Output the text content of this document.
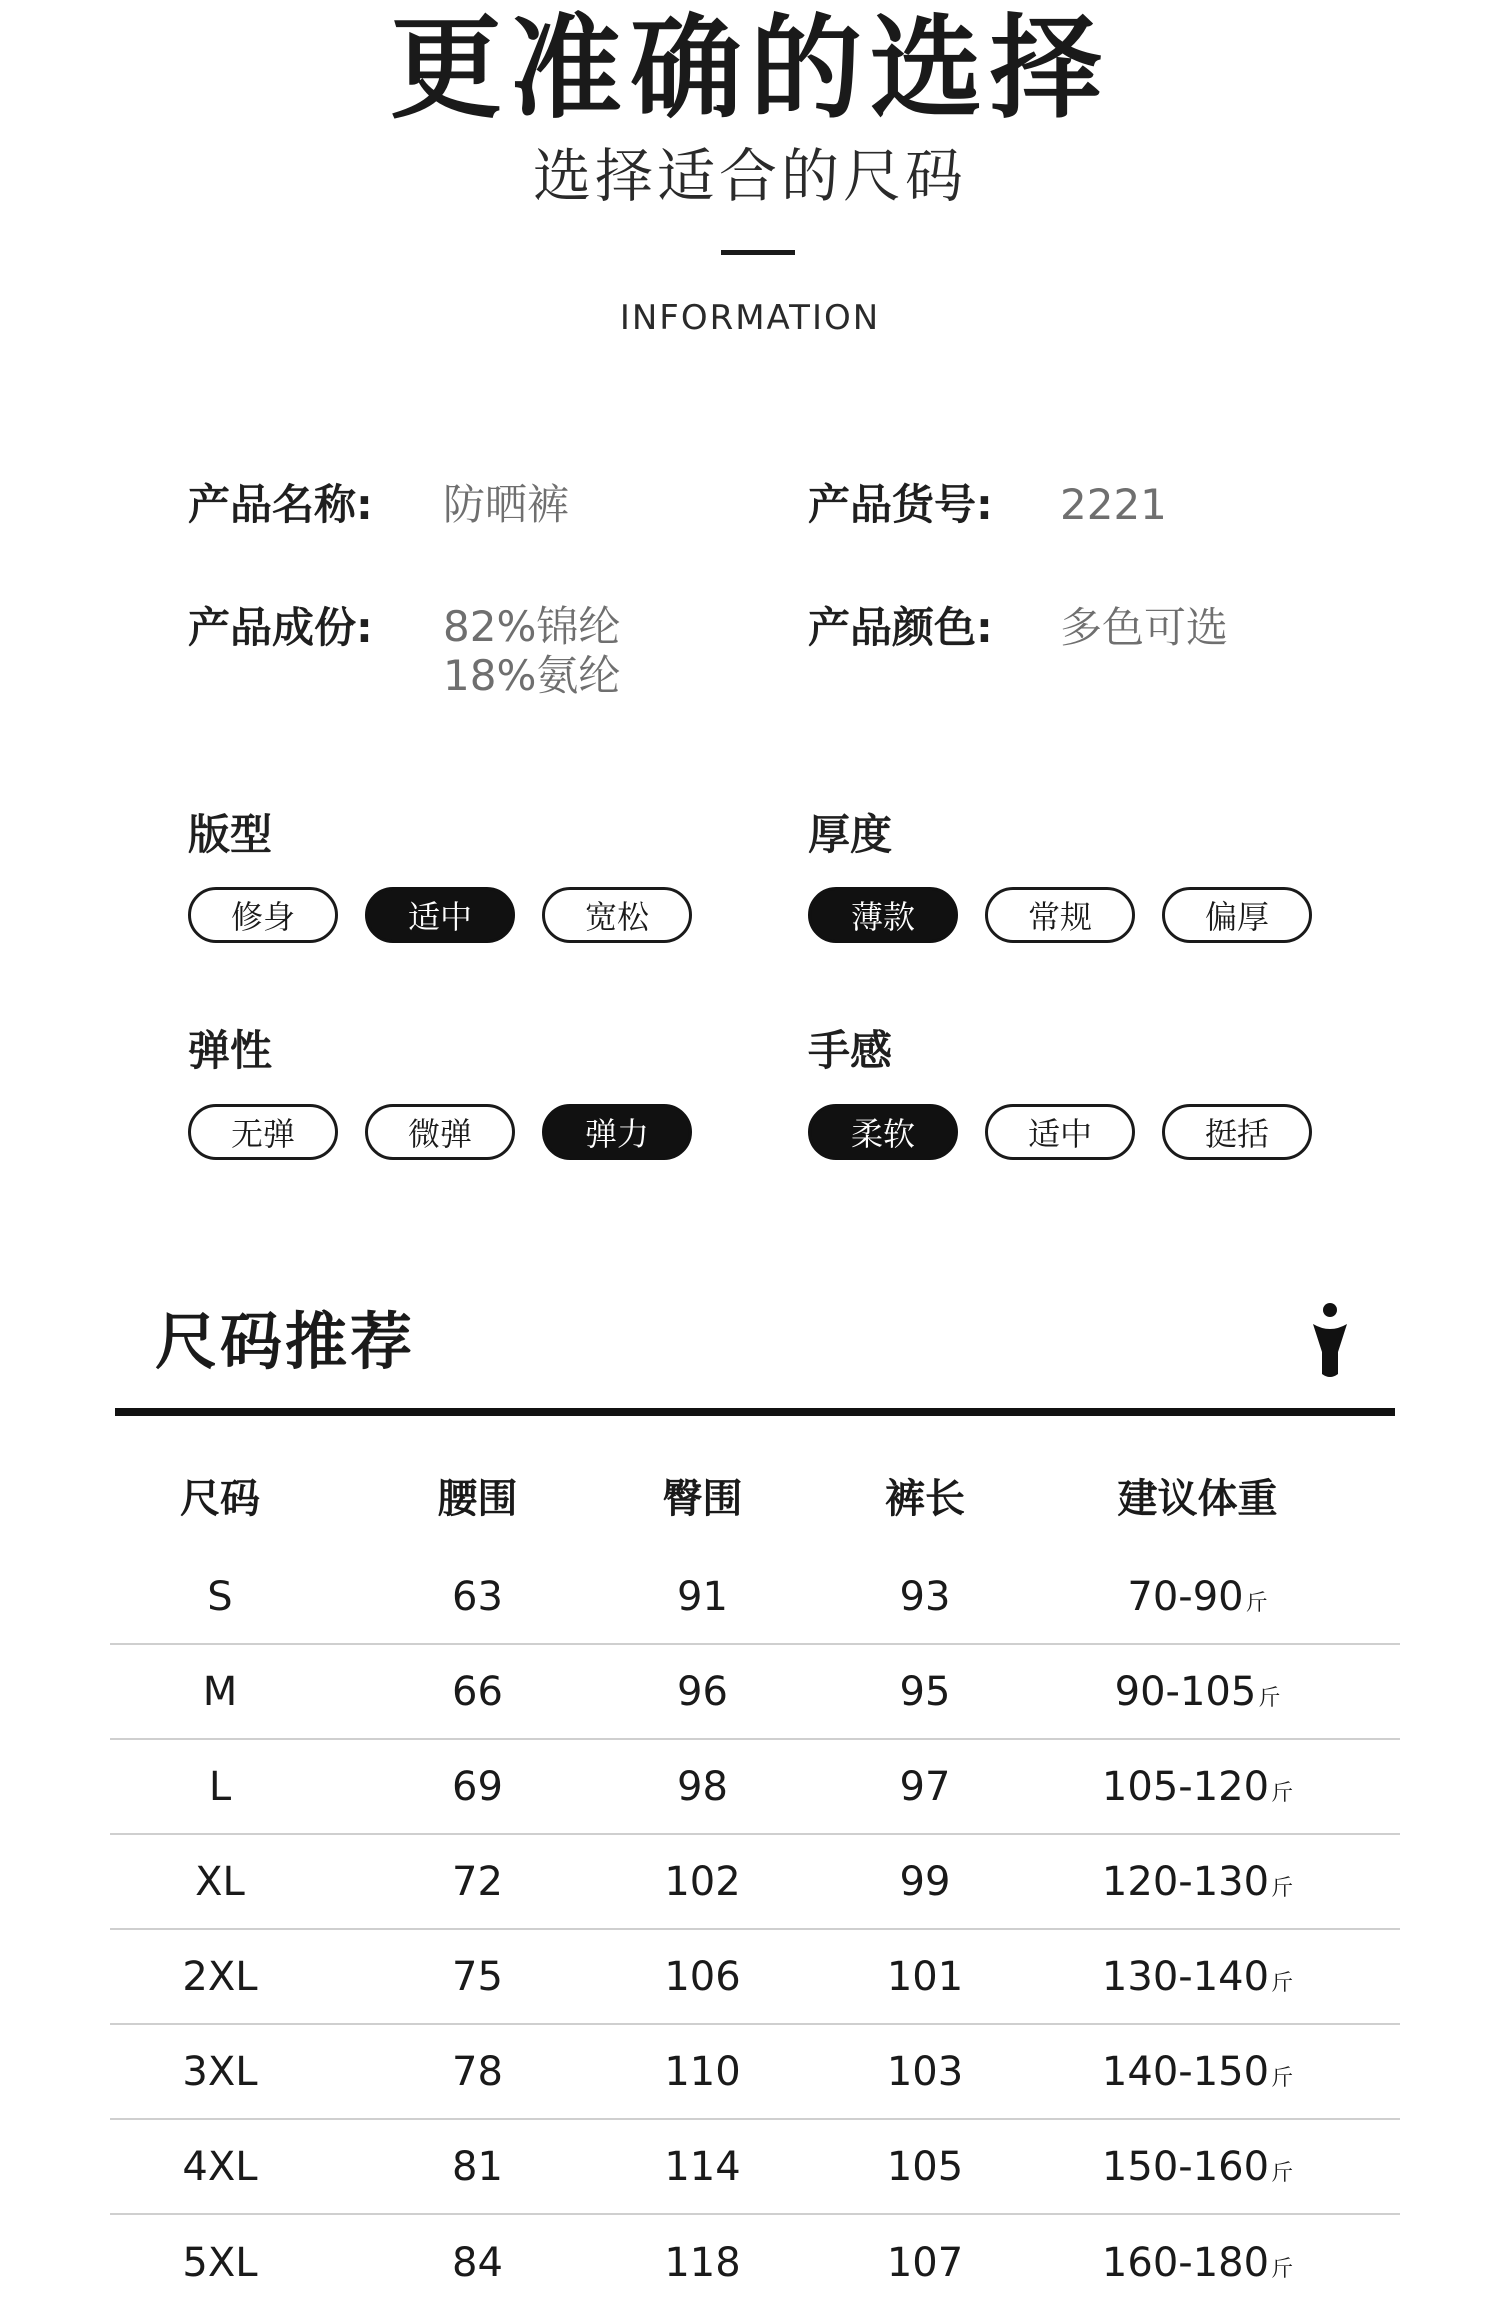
更准确的选择
选择适合的尺码
INFORMATION
产品名称: 防晒裤	产品货号: 2221
产品成份: 82%锦纶
18%氨纶
产品颜色: 多色可选
版型
修身	适中	宽松
厚度
薄款	常规	偏厚
弹性
无弹	微弹	弹力
手感
柔软	适中	挺括
尺码推荐
尺码	腰围	臀围	裤长	建议体重
S	63	91	93	70-90斤
M	66	96	95	90-105斤
L	69	98	97	105-120斤
XL	72	102	99	120-130斤
2XL	75	106	101	130-140斤
3XL	78	110	103	140-150斤
4XL	81	114	105	150-160斤
5XL	84	118	107	160-180斤
